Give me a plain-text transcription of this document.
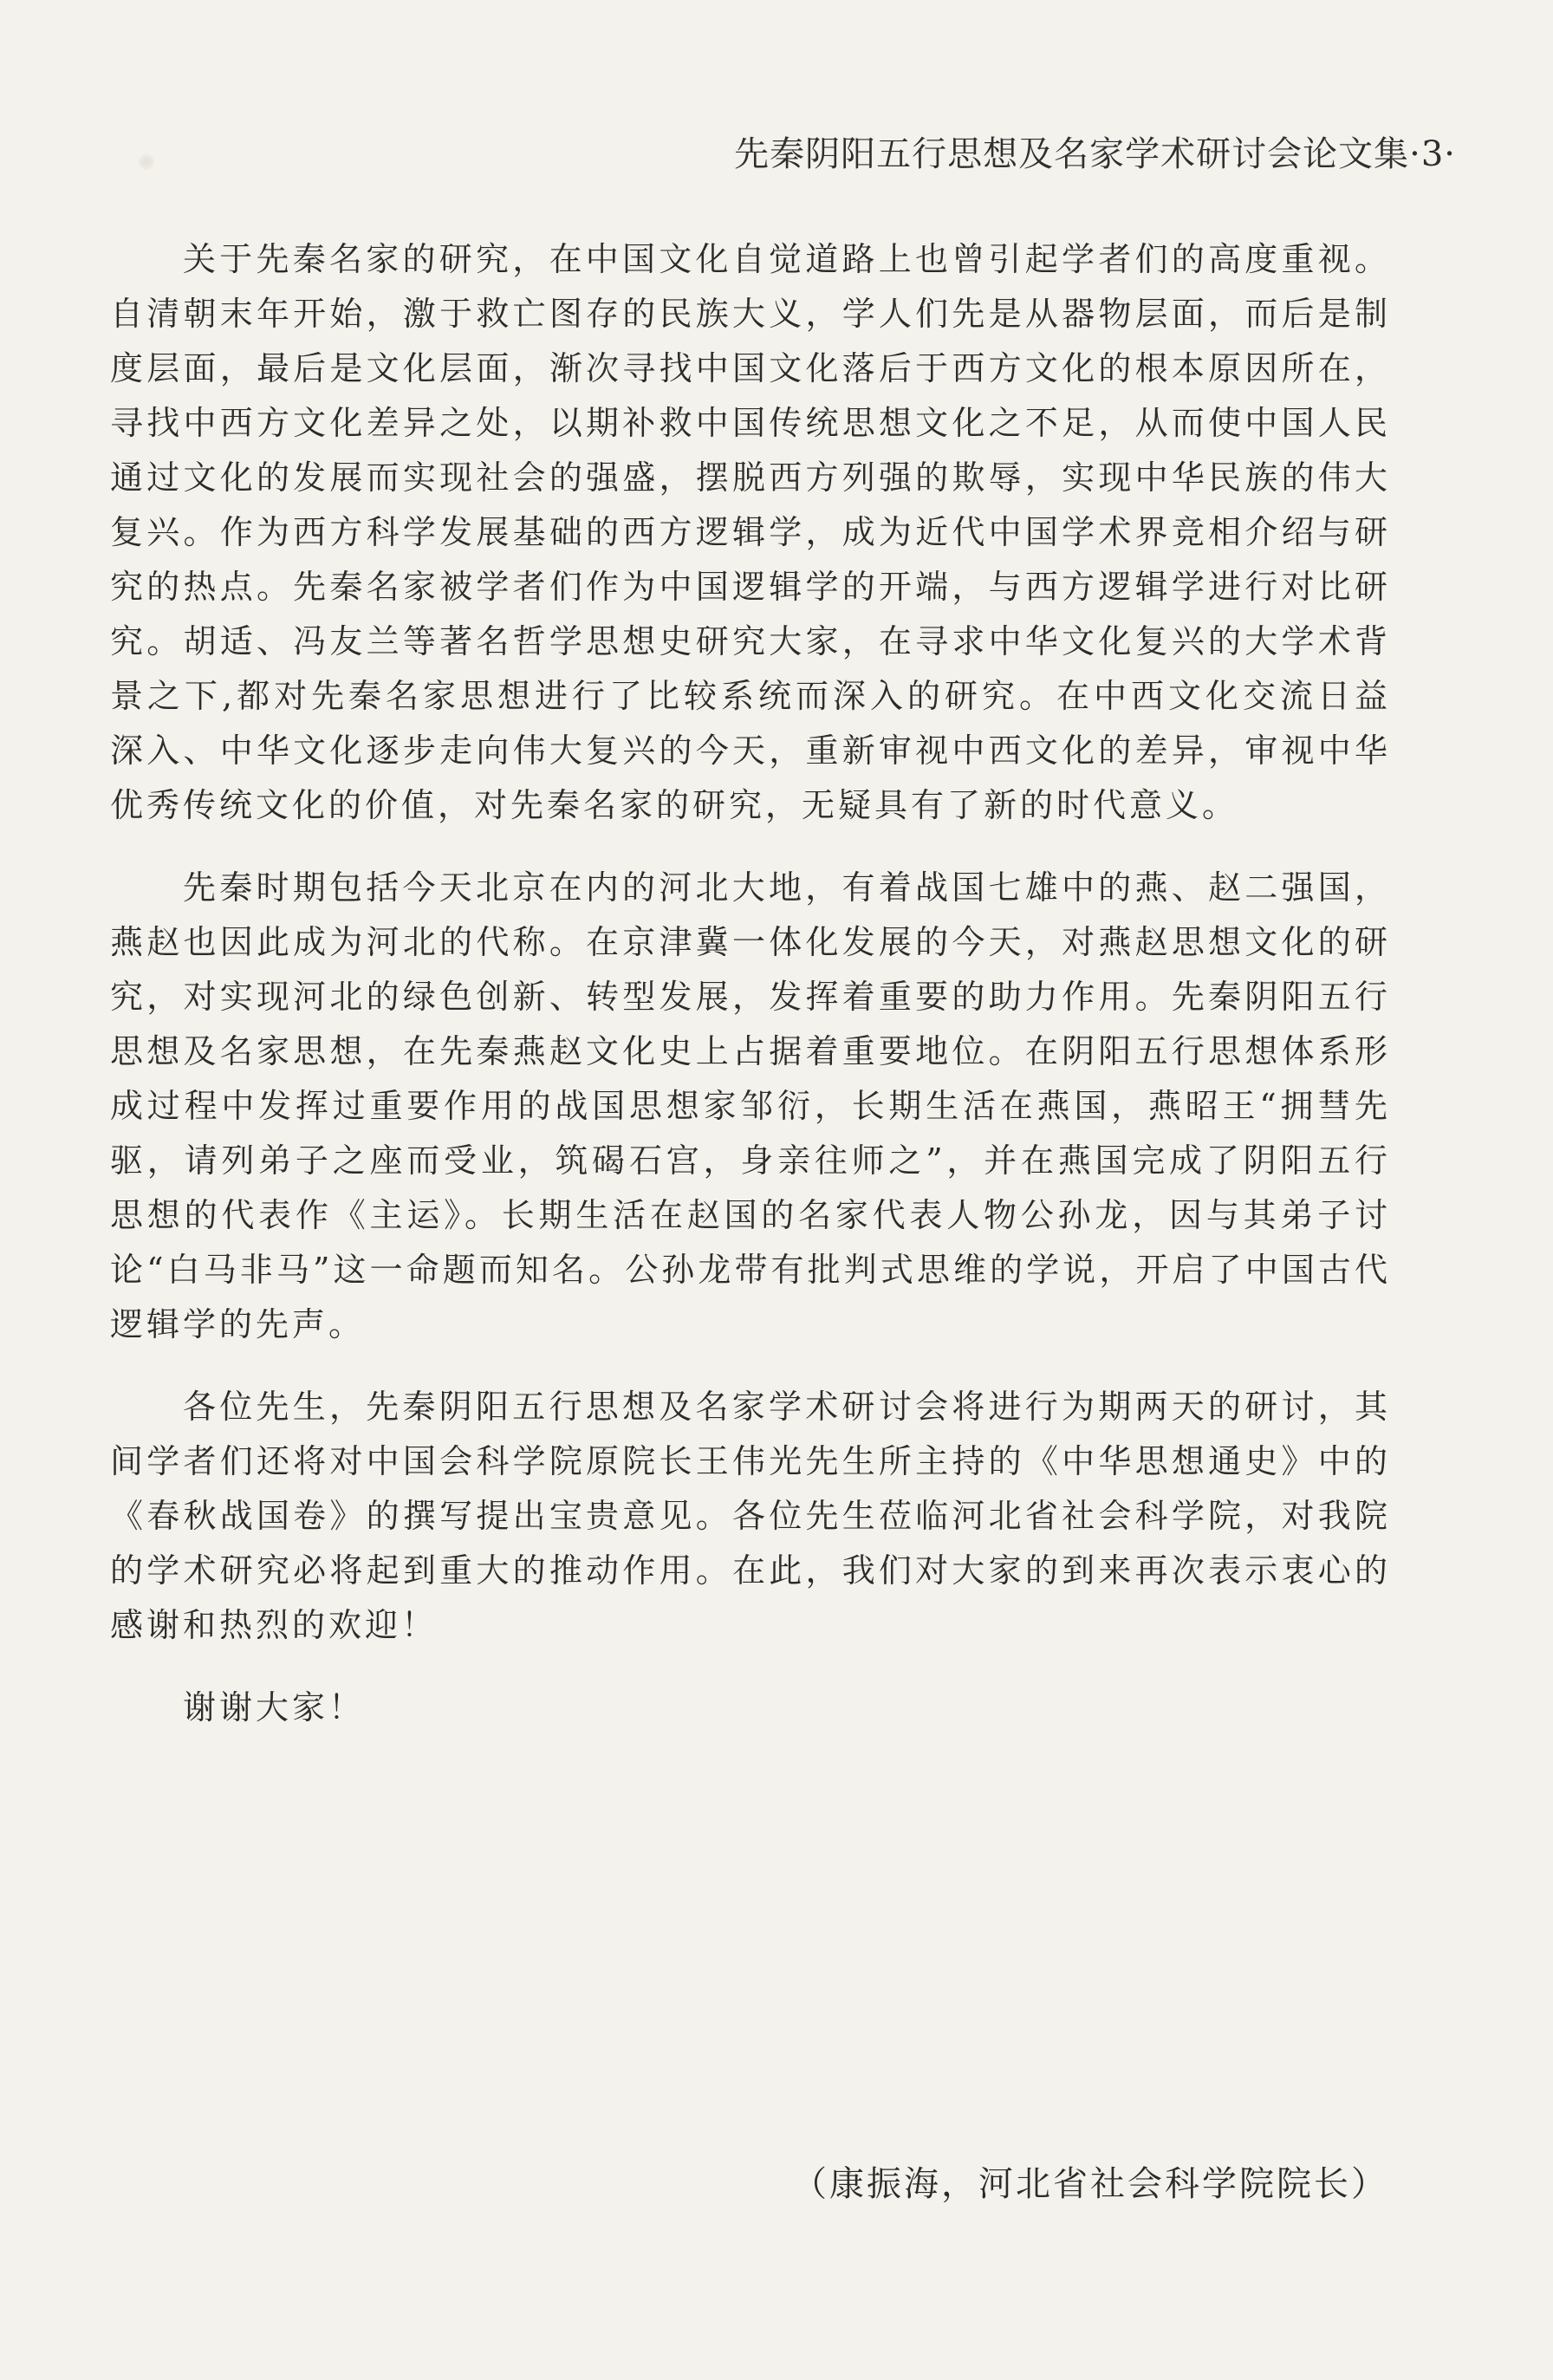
先秦阴阳五行思想及名家学术研讨会论文集·3·

关于先秦名家的研究，在中国文化自觉道路上也曾引起学者们的高度重视。自清朝末年开始，激于救亡图存的民族大义，学人们先是从器物层面，而后是制度层面，最后是文化层面，渐次寻找中国文化落后于西方文化的根本原因所在，寻找中西方文化差异之处，以期补救中国传统思想文化之不足，从而使中国人民通过文化的发展而实现社会的强盛，摆脱西方列强的欺辱，实现中华民族的伟大复兴。作为西方科学发展基础的西方逻辑学，成为近代中国学术界竞相介绍与研究的热点。先秦名家被学者们作为中国逻辑学的开端，与西方逻辑学进行对比研究。胡适、冯友兰等著名哲学思想史研究大家，在寻求中华文化复兴的大学术背景之下,都对先秦名家思想进行了比较系统而深入的研究。在中西文化交流日益深入、中华文化逐步走向伟大复兴的今天，重新审视中西文化的差异，审视中华优秀传统文化的价值，对先秦名家的研究，无疑具有了新的时代意义。

先秦时期包括今天北京在内的河北大地，有着战国七雄中的燕、赵二强国，燕赵也因此成为河北的代称。在京津冀一体化发展的今天，对燕赵思想文化的研究，对实现河北的绿色创新、转型发展，发挥着重要的助力作用。先秦阴阳五行思想及名家思想，在先秦燕赵文化史上占据着重要地位。在阴阳五行思想体系形成过程中发挥过重要作用的战国思想家邹衍，长期生活在燕国，燕昭王“拥彗先驱，请列弟子之座而受业，筑碣石宫，身亲往师之”，并在燕国完成了阴阳五行思想的代表作《主运》。长期生活在赵国的名家代表人物公孙龙，因与其弟子讨论“白马非马”这一命题而知名。公孙龙带有批判式思维的学说，开启了中国古代逻辑学的先声。

各位先生，先秦阴阳五行思想及名家学术研讨会将进行为期两天的研讨，其间学者们还将对中国会科学院原院长王伟光先生所主持的《中华思想通史》中的《春秋战国卷》的撰写提出宝贵意见。各位先生莅临河北省社会科学院，对我院的学术研究必将起到重大的推动作用。在此，我们对大家的到来再次表示衷心的感谢和热烈的欢迎！

谢谢大家！

（康振海，河北省社会科学院院长）
